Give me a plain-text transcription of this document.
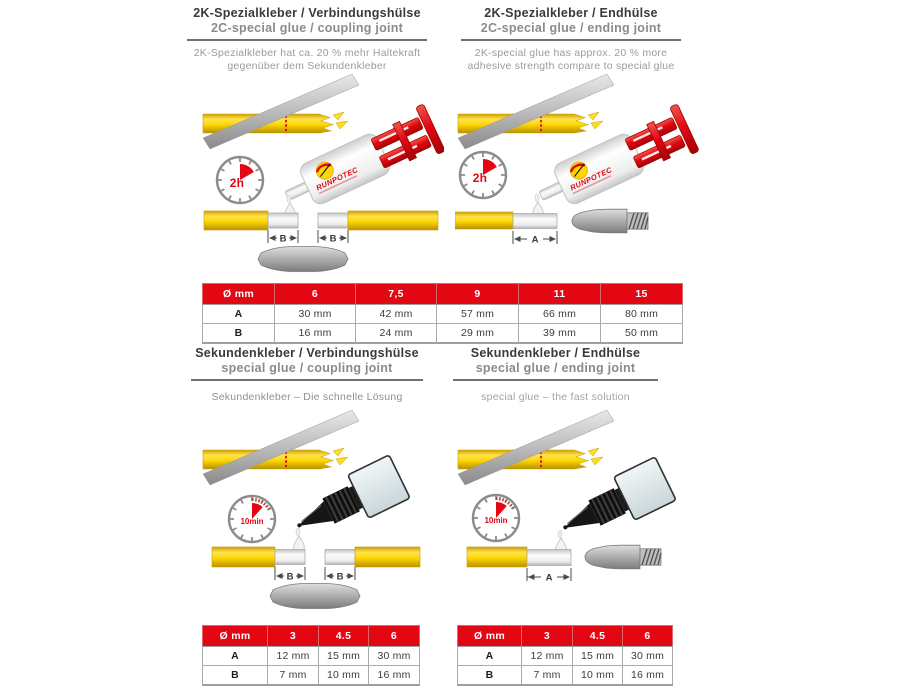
2K-Spezialkleber / Verbindungshülse
2C-special glue / coupling joint
2K-Spezialkleber / Endhülse
2C-special glue / ending joint
2K-Spezialkleber hat ca. 20 % mehr Haltekraft gegenüber dem Sekundenkleber
2K-special glue has approx. 20 % more adhesive strength compare to special glue
Sekundenkleber / Verbindungshülse
special glue / coupling joint
Sekundenkleber / Endhülse
special glue / ending joint
Sekundenkleber – Die schnelle Lösung	special glue – the fast solution
2h
B	B
2h
A
Ø mm	6	7,5	9	11	15
A	30 mm	42 mm	57 mm	66 mm	80 mm
B	16 mm	24 mm	29 mm	39 mm	50 mm
10min
B	B
10min
A
Ø mm	3	4.5	6
A	12 mm	15 mm	30 mm
B	7 mm	10 mm	16 mm
Ø mm	3	4.5	6
A	12 mm	15 mm	30 mm
B	7 mm	10 mm	16 mm
